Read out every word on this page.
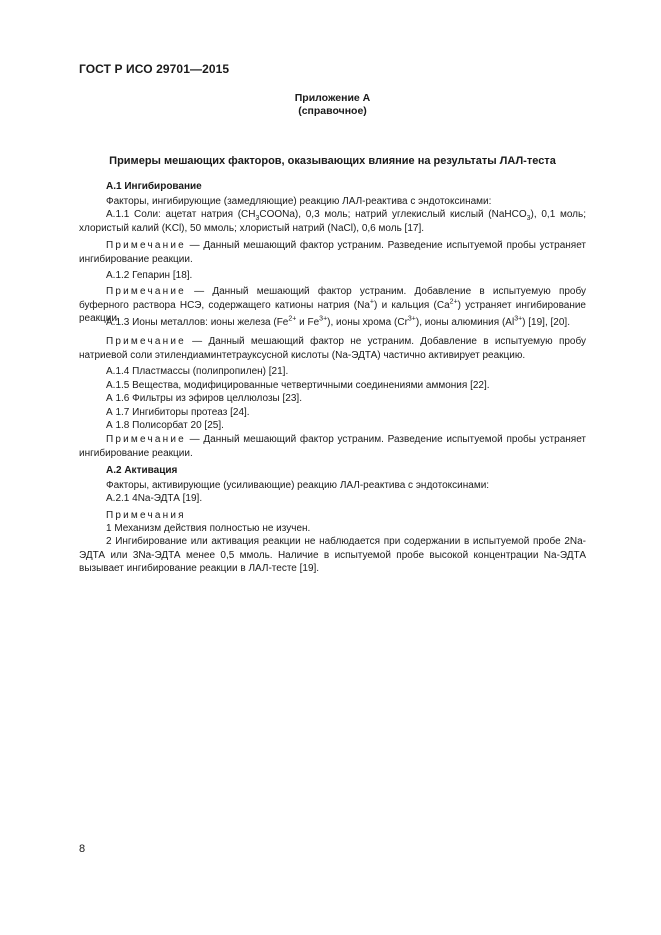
ГОСТ Р ИСО 29701—2015
Приложение А
(справочное)
Примеры мешающих факторов, оказывающих влияние на результаты ЛАЛ-теста
А.1 Ингибирование
Факторы, ингибирующие (замедляющие) реакцию ЛАЛ-реактива с эндотоксинами:
А.1.1 Соли: ацетат натрия $(CH_3COONa)$, 0,3 моль; натрий углекислый кислый (NaHCO$_3$), 0,1 моль; хлористый калий (KCl), 50 ммоль; хлористый натрий (NaCl), 0,6 моль [17].
Примечание — Данный мешающий фактор устраним. Разведение испытуемой пробы устраняет ингибирование реакции.
А.1.2 Гепарин [18].
Примечание — Данный мешающий фактор устраним. Добавление в испытуемую пробу буферного раствора НСЭ, содержащего катионы натрия (Na+) и кальция $(Ca^{2+})$ устраняет ингибирование реакции.
А.1.3 Ионы металлов: ионы железа ($Fe^{2+}$ и $Fe^{3+}$), ионы хрома $(Cr^{3+})$, ионы алюминия $(Al^{3+})$ [19], [20].
Примечание — Данный мешающий фактор не устраним. Добавление в испытуемую пробу натриевой соли этилендиаминтетрауксусной кислоты (Na-ЭДТА) частично активирует реакцию.
А.1.4 Пластмассы (полипропилен) [21].
А.1.5 Вещества, модифицированные четвертичными соединениями аммония [22].
А 1.6 Фильтры из эфиров целлюлозы [23].
А 1.7 Ингибиторы протеаз [24].
А 1.8 Полисорбат 20 [25].
Примечание — Данный мешающий фактор устраним. Разведение испытуемой пробы устраняет ингибирование реакции.
А.2 Активация
Факторы, активирующие (усиливающие) реакцию ЛАЛ-реактива с эндотоксинами:
А.2.1 4Na-ЭДТА [19].
Примечания
1 Механизм действия полностью не изучен.
2 Ингибирование или активация реакции не наблюдается при содержании в испытуемой пробе 2Na-ЭДТА или 3Na-ЭДТА менее 0,5 ммоль. Наличие в испытуемой пробе высокой концентрации Na-ЭДТА вызывает ингибирование реакции в ЛАЛ-тесте [19].
8
